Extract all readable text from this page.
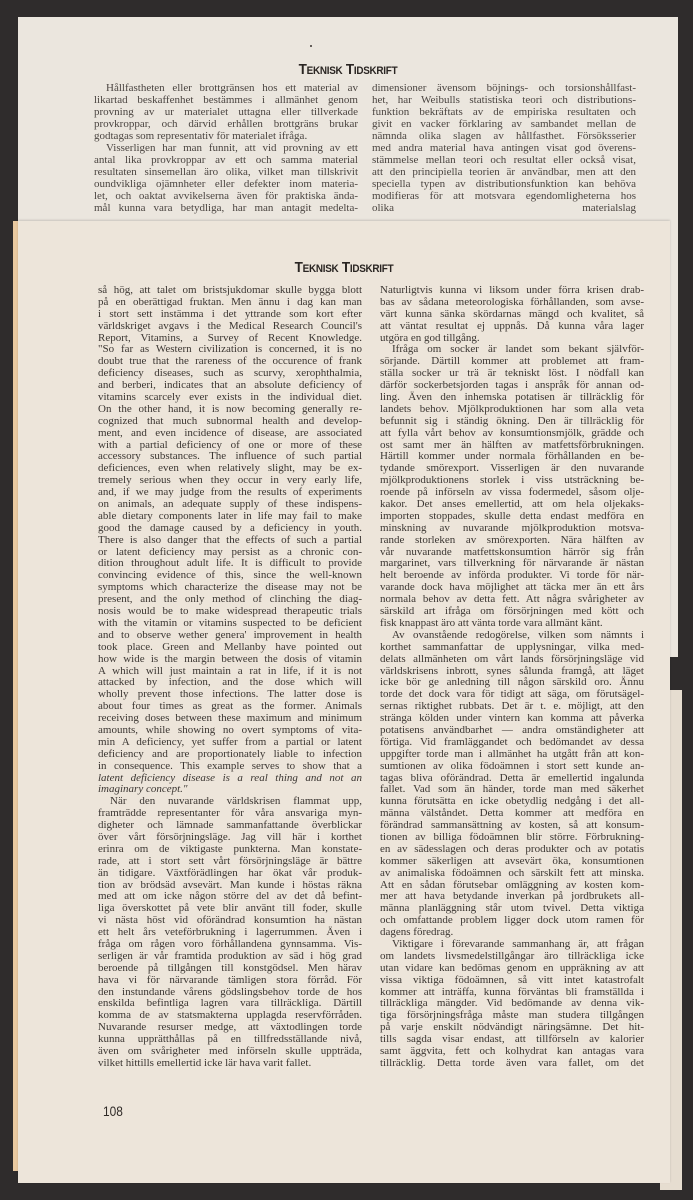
Teknisk Tidskrift
Hållfastheten eller brottgränsen hos ett material av
likartad beskaffenhet bestämmes i allmänhet genom
provning av ur materialet uttagna eller tillverkade
provkroppar, och därvid erhållen brottgräns brukar
godtagas som representativ för materialet ifråga.
Visserligen har man funnit, att vid provning av ett
antal lika provkroppar av ett och samma material
resultaten sinsemellan äro olika, vilket man tillskrivit
oundvikliga ojämnheter eller defekter inom materia-
let, och oaktat avvikelserna även för praktiska ända-
mål kunna vara betydliga, har man antagit medelta-
dimensioner ävensom böjnings- och torsionshållfast-
het, har Weibulls statistiska teori och distributions-
funktion bekräftats av de empiriska resultaten och
givit en vacker förklaring av sambandet mellan de
nämnda olika slagen av hållfasthet. Försöksserier
med andra material hava antingen visat god överens-
stämmelse mellan teori och resultat eller också visat,
att den principiella teorien är användbar, men att den
speciella typen av distributionsfunktion kan behöva
modifieras för att motsvara egendomligheterna hos
olika materialslag
Teknisk Tidskrift
så hög, att talet om bristsjukdomar skulle bygga blott
på en oberättigad fruktan. Men ännu i dag kan man
i stort sett instämma i det yttrande som kort efter
världskriget avgavs i the Medical Research Council's
Report, Vitamins, a Survey of Recent Knowledge.
"So far as Western civilization is concerned, it is no
doubt true that the rareness of the occurence of frank
deficiency diseases, such as scurvy, xerophthalmia,
and berberi, indicates that an absolute deficiency of
vitamins scarcely ever exists in the individual diet.
On the other hand, it is now becoming generally re-
cognized that much subnormal health and develop-
ment, and even incidence of disease, are associated
with a partial deficiency of one or more of these
accessory substances. The influence of such partial
deficiences, even when relatively slight, may be ex-
tremely serious when they occur in very early life,
and, if we may judge from the results of experiments
on animals, an adequate supply of these indispens-
able dietary components later in life may fail to make
good the damage caused by a deficiency in youth.
There is also danger that the effects of such a partial
or latent deficiency may persist as a chronic con-
dition throughout adult life. It is difficult to provide
convincing evidence of this, since the well-known
symptoms which characterize the disease may not be
present, and the only method of clinching the diag-
nosis would be to make widespread therapeutic trials
with the vitamin or vitamins suspected to be deficient
and to observe wether genera' improvement in health
took place. Green and Mellanby have pointed out
how wide is the margin between the dosis of vitamin
A which will just maintain a rat in life, if it is not
attacked by infection, and the dose which will
wholly prevent those infections. The latter dose is
about four times as great as the former. Animals
receiving doses between these maximum and minimum
amounts, while showing no overt symptoms of vita-
min A deficiency, yet suffer from a partial or latent
deficiency and are proportionately liable to infection
in consequence. This example serves to show that a
latent deficiency disease is a real thing and not an
imaginary concept."
När den nuvarande världskrisen flammat upp,
framträdde representanter för våra ansvariga myn-
digheter och lämnade sammanfattande överblickar
över vårt försörjningsläge. Jag vill här i korthet
erinra om de viktigaste punkterna. Man konstate-
rade, att i stort sett vårt försörjningsläge är bättre
än tidigare. Växtförädlingen har ökat vår produk-
tion av brödsäd avsevärt. Man kunde i höstas räkna
med att om icke någon större del av det då befint-
liga överskottet på vete blir använt till foder, skulle
vi nästa höst vid oförändrad konsumtion ha nästan
ett helt års veteförbrukning i lagerrummen. Även i
fråga om rågen voro förhållandena gynnsamma. Vis-
serligen är vår framtida produktion av säd i hög grad
beroende på tillgången till konstgödsel. Men härav
hava vi för närvarande tämligen stora förråd. För
den instundande vårens gödslingsbehov torde de hos
enskilda befintliga lagren vara tillräckliga. Därtill
komma de av statsmakterna upplagda reservförråden.
Nuvarande resurser medge, att växtodlingen torde
kunna upprätthållas på en tillfredsställande nivå,
även om svårigheter med införseln skulle uppträda,
vilket hittills emellertid icke lär hava varit fallet.
Naturligtvis kunna vi liksom under förra krisen drab-
bas av sådana meteorologiska förhållanden, som avse-
värt kunna sänka skördarnas mängd och kvalitet, så
att väntat resultat ej uppnås. Då kunna våra lager
utgöra en god tillgång.
Ifråga om socker är landet som bekant självför-
sörjande. Därtill kommer att problemet att fram-
ställa socker ur trä är tekniskt löst. I nödfall kan
därför sockerbetsjorden tagas i anspråk för annan od-
ling. Även den inhemska potatisen är tillräcklig för
landets behov. Mjölkproduktionen har som alla veta
befunnit sig i ständig ökning. Den är tillräcklig för
att fylla vårt behov av konsumtionsmjölk, grädde och
ost samt mer än hälften av matfettsförbrukningen.
Härtill kommer under normala förhållanden en be-
tydande smörexport. Visserligen är den nuvarande
mjölkproduktionens storlek i viss utsträckning be-
roende på införseln av vissa fodermedel, såsom olje-
kakor. Det anses emellertid, att om hela oljekaks-
importen stoppades, skulle detta endast medföra en
minskning av nuvarande mjölkproduktion motsva-
rande storleken av smörexporten. Nära hälften av
vår nuvarande matfettskonsumtion härrör sig från
margarinet, vars tillverkning för närvarande är nästan
helt beroende av införda produkter. Vi torde för när-
varande dock hava möjlighet att täcka mer än ett års
normala behov av detta fett. Att några svårigheter av
särskild art ifråga om försörjningen med kött och
fisk knappast äro att vänta torde vara allmänt känt.
Av ovanstående redogörelse, vilken som nämnts i
korthet sammanfattar de upplysningar, vilka med-
delats allmänheten om vårt lands försörjningsläge vid
världskrisens inbrott, synes sålunda framgå, att läget
icke bör ge anledning till någon särskild oro. Ännu
torde det dock vara för tidigt att säga, om förutsägel-
sernas riktighet rubbats. Det är t. e. möjligt, att den
stränga kölden under vintern kan komma att påverka
potatisens användbarhet — andra omständigheter att
förtiga. Vid framläggandet och bedömandet av dessa
uppgifter torde man i allmänhet ha utgått från att kon-
sumtionen av olika födoämnen i stort sett kunde an-
tagas bliva oförändrad. Detta är emellertid ingalunda
fallet. Vad som än händer, torde man med säkerhet
kunna förutsätta en icke obetydlig nedgång i det all-
männa välståndet. Detta kommer att medföra en
förändrad sammansättning av kosten, så att konsum-
tionen av billiga födoämnen blir större. Förbrukning-
en av sädesslagen och deras produkter och av potatis
kommer säkerligen att avsevärt öka, konsumtionen
av animaliska födoämnen och särskilt fett att minska.
Att en sådan förutsebar omläggning av kosten kom-
mer att hava betydande inverkan på jordbrukets all-
männa planläggning står utom tvivel. Detta viktiga
och omfattande problem ligger dock utom ramen för
dagens föredrag.
Viktigare i förevarande sammanhang är, att frågan
om landets livsmedelstillgångar äro tillräckliga icke
utan vidare kan bedömas genom en uppräkning av att
vissa viktiga födoämnen, så vitt intet katastrofalt
kommer att inträffa, kunna förväntas bli framställda i
tillräckliga mängder. Vid bedömande av denna vik-
tiga försörjningsfråga måste man studera tillgången
på varje enskilt nödvändigt näringsämne. Det hit-
tills sagda visar endast, att tillförseln av kalorier
samt äggvita, fett och kolhydrat kan antagas vara
tillräcklig. Detta torde även vara fallet, om det
108
